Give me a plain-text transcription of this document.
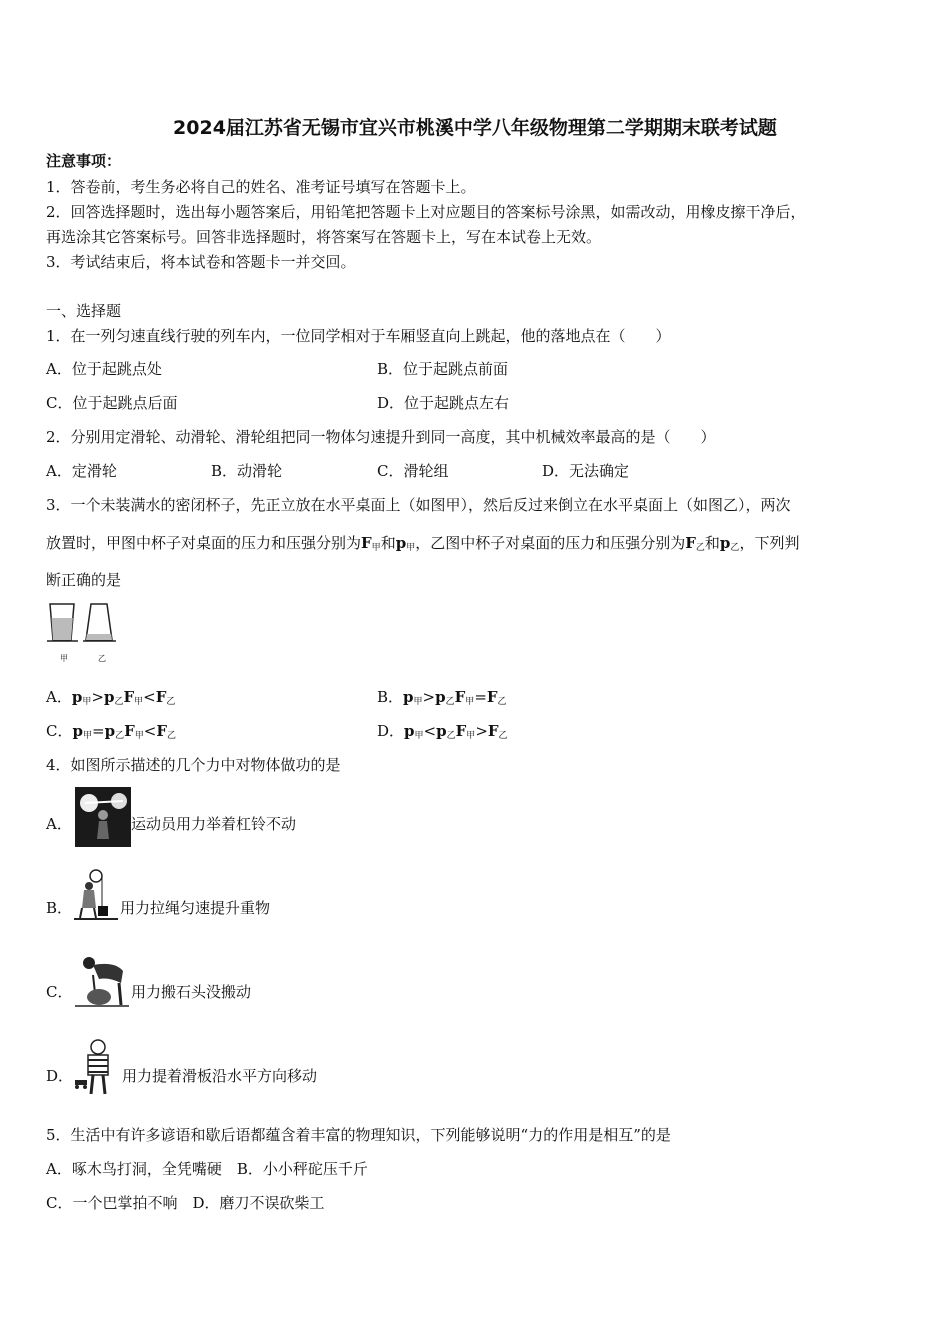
2024届江苏省无锡市宜兴市桃溪中学八年级物理第二学期期末联考试题
注意事项：
1．答卷前，考生务必将自己的姓名、准考证号填写在答题卡上。
2．回答选择题时，选出每小题答案后，用铅笔把答题卡上对应题目的答案标号涂黑，如需改动，用橡皮擦干净后，
再选涂其它答案标号。回答非选择题时，将答案写在答题卡上，写在本试卷上无效。
3．考试结束后，将本试卷和答题卡一并交回。
一、选择题
1．在一列匀速直线行驶的列车内，一位同学相对于车厢竖直向上跳起，他的落地点在（　　）
A．位于起跳点处	B．位于起跳点前面
C．位于起跳点后面	D．位于起跳点左右
2．分别用定滑轮、动滑轮、滑轮组把同一物体匀速提升到同一高度，其中机械效率最高的是（　　）
A．定滑轮	B．动滑轮	C．滑轮组	D．无法确定
3．一个未装满水的密闭杯子，先正立放在水平桌面上（如图甲），然后反过来倒立在水平桌面上（如图乙），两次
放置时，甲图中杯子对桌面的压力和压强分别为$F_甲$和$p_甲$，乙图中杯子对桌面的压力和压强分别为$F_乙$和$p_乙$，下列判
断正确的是
甲	乙
A．$p_甲>p_乙F_甲<F_乙$	B．$p_甲>p_乙F_甲=F_乙$
C．$p_甲=p_乙F_甲<F_乙$	D．$p_甲<p_乙F_甲>F_乙$
4．如图所示描述的几个力中对物体做功的是
A．	运动员用力举着杠铃不动
B．	用力拉绳匀速提升重物
C．	用力搬石头没搬动
D．	用力提着滑板沿水平方向移动
5．生活中有许多谚语和歇后语都蕴含着丰富的物理知识，下列能够说明“力的作用是相互”的是
A．啄木鸟打洞，全凭嘴硬　B．小小秤砣压千斤
C．一个巴掌拍不响　D．磨刀不误砍柴工
